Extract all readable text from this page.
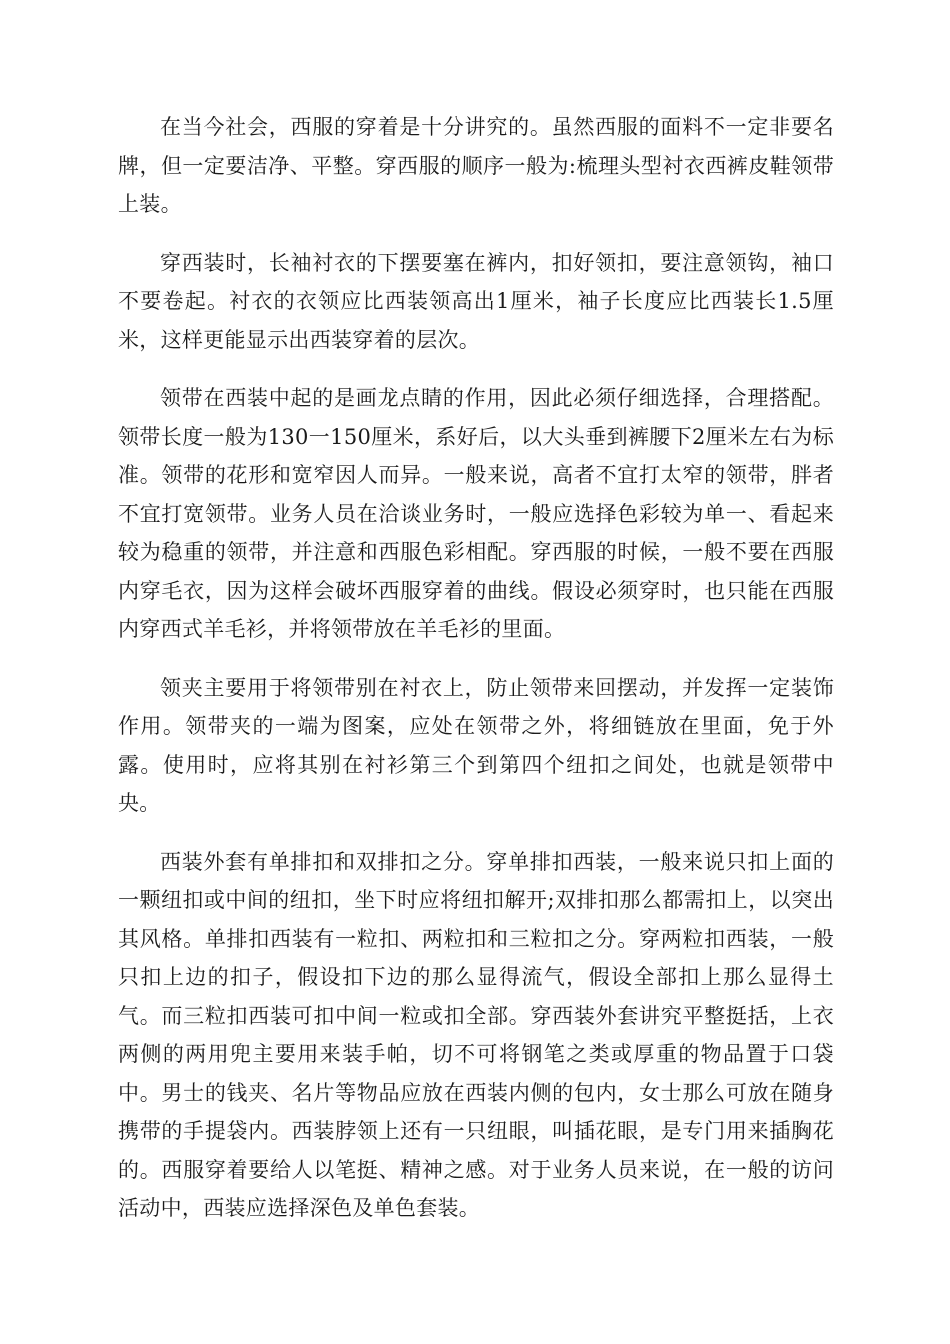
在当今社会，西服的穿着是十分讲究的。虽然西服的面料不一定非要名牌，但一定要洁净、平整。穿西服的顺序一般为:梳理头型衬衣西裤皮鞋领带上装。

穿西装时，长袖衬衣的下摆要塞在裤内，扣好领扣，要注意领钩，袖口不要卷起。衬衣的衣领应比西装领高出1厘米，袖子长度应比西装长1.5厘米，这样更能显示出西装穿着的层次。

领带在西装中起的是画龙点睛的作用，因此必须仔细选择，合理搭配。领带长度一般为130一150厘米，系好后，以大头垂到裤腰下2厘米左右为标准。领带的花形和宽窄因人而异。一般来说，高者不宜打太窄的领带，胖者不宜打宽领带。业务人员在洽谈业务时，一般应选择色彩较为单一、看起来较为稳重的领带，并注意和西服色彩相配。穿西服的时候，一般不要在西服内穿毛衣，因为这样会破坏西服穿着的曲线。假设必须穿时，也只能在西服内穿西式羊毛衫，并将领带放在羊毛衫的里面。

领夹主要用于将领带别在衬衣上，防止领带来回摆动，并发挥一定装饰作用。领带夹的一端为图案，应处在领带之外，将细链放在里面，免于外露。使用时，应将其别在衬衫第三个到第四个纽扣之间处，也就是领带中央。

西装外套有单排扣和双排扣之分。穿单排扣西装，一般来说只扣上面的一颗纽扣或中间的纽扣，坐下时应将纽扣解开;双排扣那么都需扣上，以突出其风格。单排扣西装有一粒扣、两粒扣和三粒扣之分。穿两粒扣西装，一般只扣上边的扣子，假设扣下边的那么显得流气，假设全部扣上那么显得土气。而三粒扣西装可扣中间一粒或扣全部。穿西装外套讲究平整挺括，上衣两侧的两用兜主要用来装手帕，切不可将钢笔之类或厚重的物品置于口袋中。男士的钱夹、名片等物品应放在西装内侧的包内，女士那么可放在随身携带的手提袋内。西装脖领上还有一只纽眼，叫插花眼，是专门用来插胸花的。西服穿着要给人以笔挺、精神之感。对于业务人员来说，在一般的访问活动中，西装应选择深色及单色套装。
